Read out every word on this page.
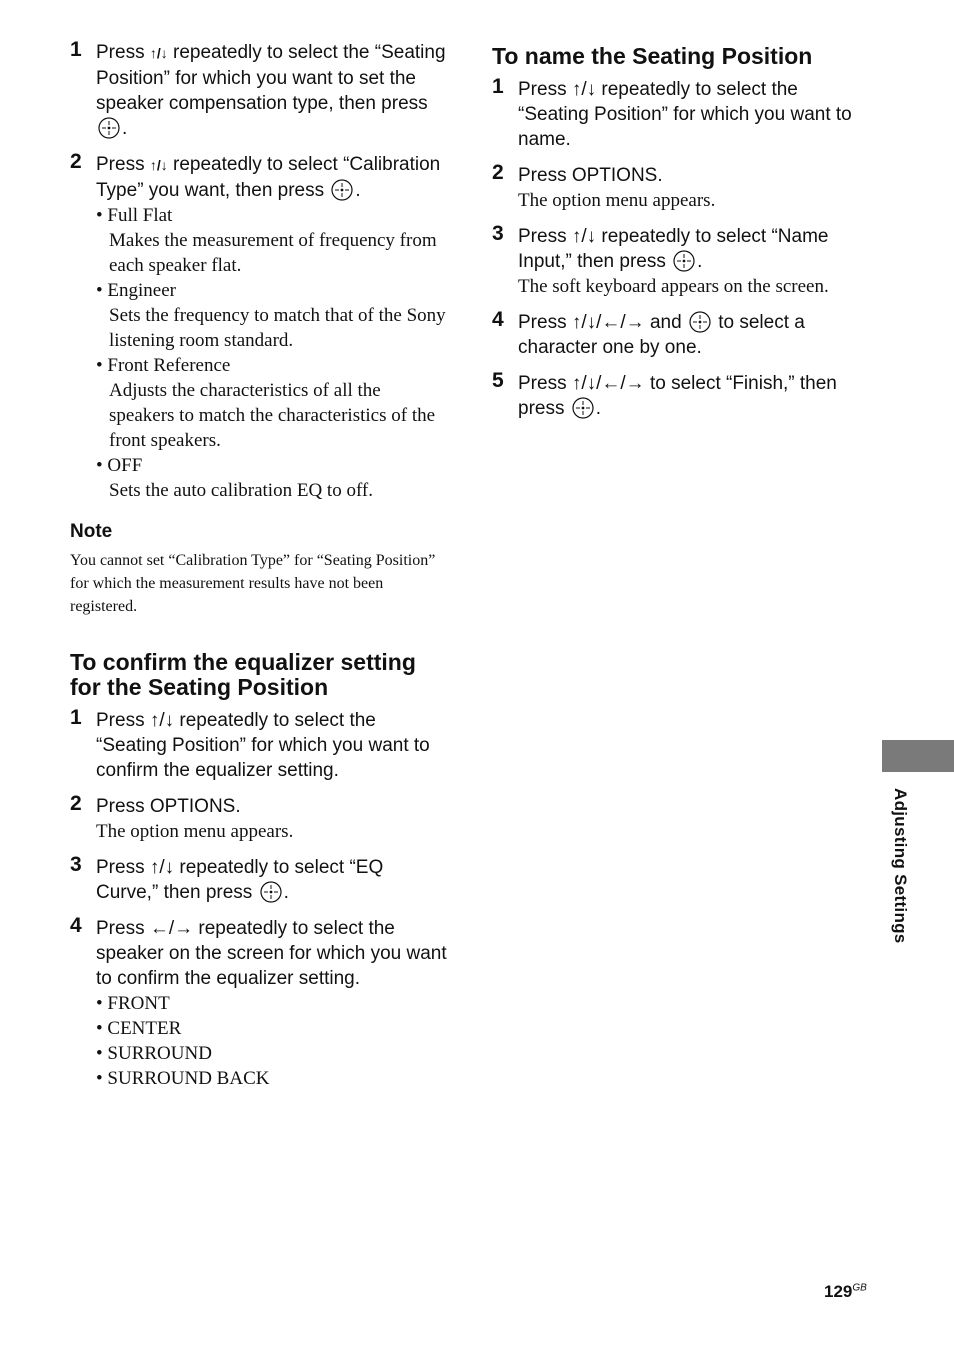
1 Press ↑/↓ repeatedly to select the “Seating Position” for which you want to set the speaker compensation type, then press .
2 Press ↑/↓ repeatedly to select “Calibration Type” you want, then press .
• Full Flat
Makes the measurement of frequency from each speaker flat.
• Engineer
Sets the frequency to match that of the Sony listening room standard.
• Front Reference
Adjusts the characteristics of all the speakers to match the characteristics of the front speakers.
• OFF
Sets the auto calibration EQ to off.
Note
You cannot set “Calibration Type” for “Seating Position” for which the measurement results have not been registered.
To confirm the equalizer setting for the Seating Position
1 Press ↑/↓ repeatedly to select the “Seating Position” for which you want to confirm the equalizer setting.
2 Press OPTIONS.
The option menu appears.
3 Press ↑/↓ repeatedly to select “EQ Curve,” then press .
4 Press ←/→ repeatedly to select the speaker on the screen for which you want to confirm the equalizer setting.
• FRONT
• CENTER
• SURROUND
• SURROUND BACK
To name the Seating Position
1 Press ↑/↓ repeatedly to select the “Seating Position” for which you want to name.
2 Press OPTIONS.
The option menu appears.
3 Press ↑/↓ repeatedly to select “Name Input,” then press .
The soft keyboard appears on the screen.
4 Press ↑/↓/←/→ and to select a character one by one.
5 Press ↑/↓/←/→ to select “Finish,” then press .
Adjusting Settings
$129^{GB}$
